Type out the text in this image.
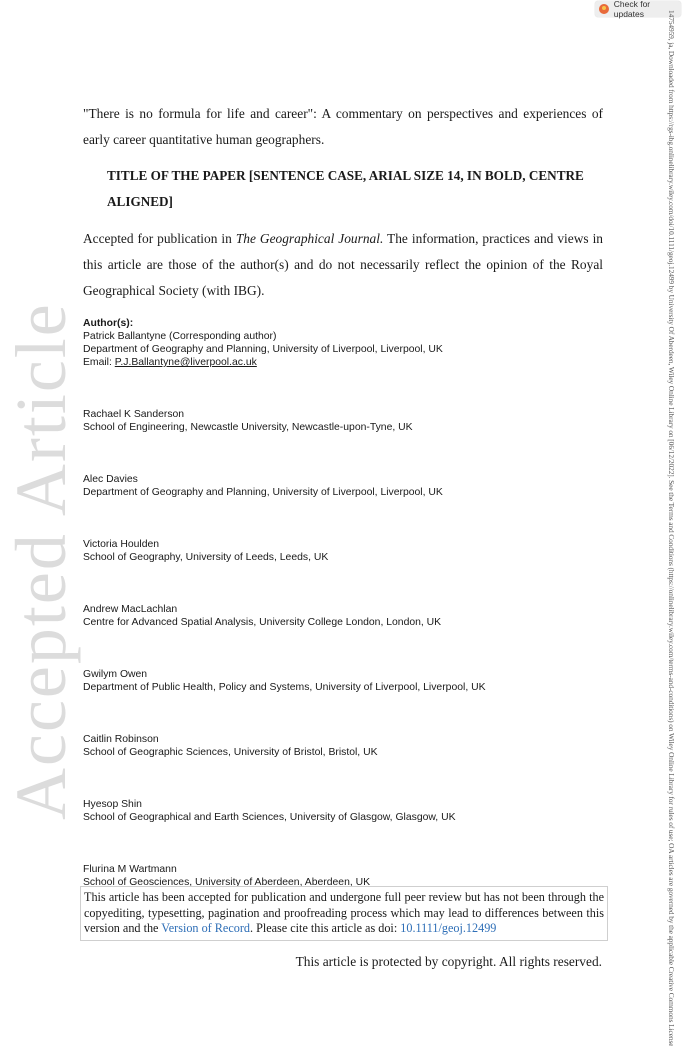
Check for updates	14754959, ja, Downloaded from https://rgs-ibg.onlinelibrary.wiley.com/doi/10.1111/geoj.12499 by University Of Aberdeen, Wiley Online Library on [06/12/2022]. See the Terms and Conditions (https://onlinelibrary.wiley.com/terms-and-conditions) on Wiley Online Library for rules of use; OA articles are governed by the applicable Creative Commons License
Accepted Article

"There is no formula for life and career": A commentary on perspectives and experiences of early career quantitative human geographers.

TITLE OF THE PAPER [SENTENCE CASE, ARIAL SIZE 14, IN BOLD, CENTRE ALIGNED]

Accepted for publication in The Geographical Journal. The information, practices and views in this article are those of the author(s) and do not necessarily reflect the opinion of the Royal Geographical Society (with IBG).

Author(s):
Patrick Ballantyne (Corresponding author)
Department of Geography and Planning, University of Liverpool, Liverpool, UK
Email: P.J.Ballantyne@liverpool.ac.uk
Rachael K Sanderson
School of Engineering, Newcastle University, Newcastle-upon-Tyne, UK
Alec Davies
Department of Geography and Planning, University of Liverpool, Liverpool, UK
Victoria Houlden
School of Geography, University of Leeds, Leeds, UK
Andrew MacLachlan
Centre for Advanced Spatial Analysis, University College London, London, UK
Gwilym Owen
Department of Public Health, Policy and Systems, University of Liverpool, Liverpool, UK
Caitlin Robinson
School of Geographic Sciences, University of Bristol, Bristol, UK
Hyesop Shin
School of Geographical and Earth Sciences, University of Glasgow, Glasgow, UK
Flurina M Wartmann
School of Geosciences, University of Aberdeen, Aberdeen, UK
This article has been accepted for publication and undergone full peer review but has not been through the copyediting, typesetting, pagination and proofreading process which may lead to differences between this version and the Version of Record. Please cite this article as doi: 10.1111/geoj.12499
This article is protected by copyright. All rights reserved.
